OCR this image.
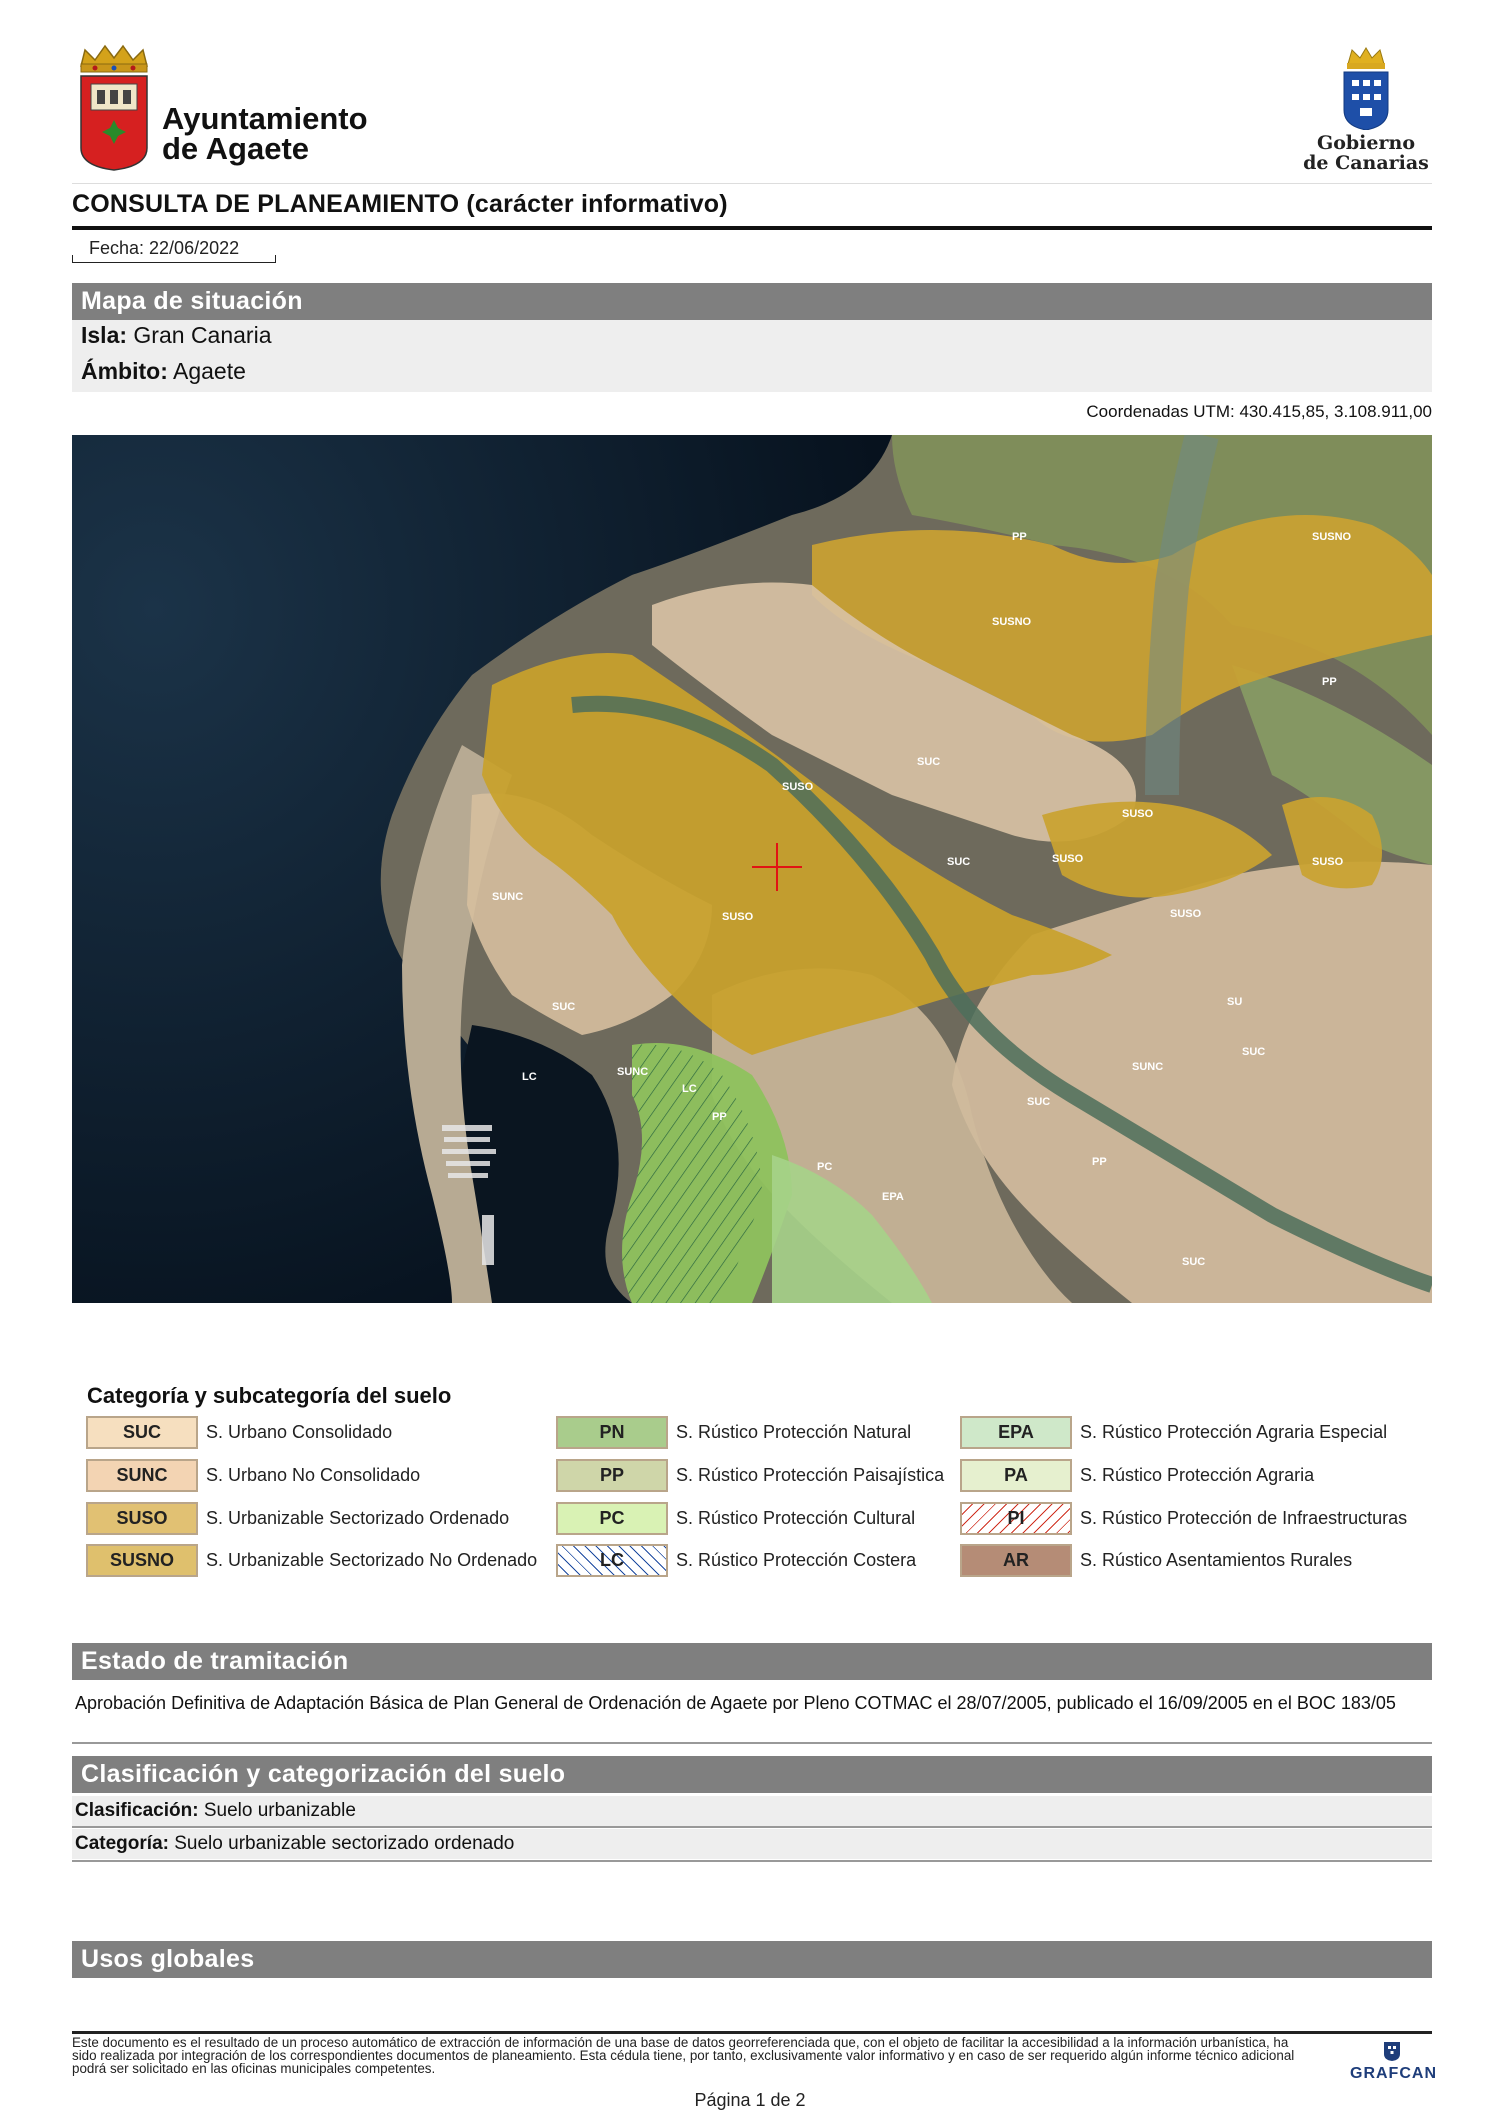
Ayuntamiento
de Agaete	Gobierno
de Canarias
CONSULTA DE PLANEAMIENTO (carácter informativo)
Fecha: 22/06/2022
Mapa de situación
Isla: Gran Canaria
Ámbito: Agaete
Coordenadas UTM: 430.415,85, 3.108.911,00
SUSNO
SUSNO
PP
PP
SUSO
SUSO
SUSO
SUSO
SUSO
SUSO
SUC
SUC
SUC
SUC
SUC
SUC
SUNC
SUNC	SUNC
SU
LC
LC
PP
PC	PP
EPA
Categoría y subcategoría del suelo
SUC	S. Urbano Consolidado
SUNC	S. Urbano No Consolidado
SUSO	S. Urbanizable Sectorizado Ordenado
SUSNO	S. Urbanizable Sectorizado No Ordenado
PN	S. Rústico Protección Natural
PP	S. Rústico Protección Paisajística
PC	S. Rústico Protección Cultural
LC	S. Rústico Protección Costera
EPA	S. Rústico Protección Agraria Especial
PA	S. Rústico Protección Agraria
PI	S. Rústico Protección de Infraestructuras
AR	S. Rústico Asentamientos Rurales
Estado de tramitación
Aprobación Definitiva de Adaptación Básica de Plan General de Ordenación de Agaete por Pleno COTMAC el 28/07/2005, publicado el 16/09/2005 en el BOC 183/05
Clasificación y categorización del suelo
Clasificación: Suelo urbanizable
Categoría: Suelo urbanizable sectorizado ordenado
Usos globales
Este documento es el resultado de un proceso automático de extracción de información de una base de datos georreferenciada que, con el objeto de facilitar la accesibilidad a la información urbanística, ha sido realizada por integración de los correspondientes documentos de planeamiento. Esta cédula tiene, por tanto, exclusivamente valor informativo y en caso de ser requerido algún informe técnico adicional podrá ser solicitado en las oficinas municipales competentes.	GRAFCAN
Página 1 de 2
